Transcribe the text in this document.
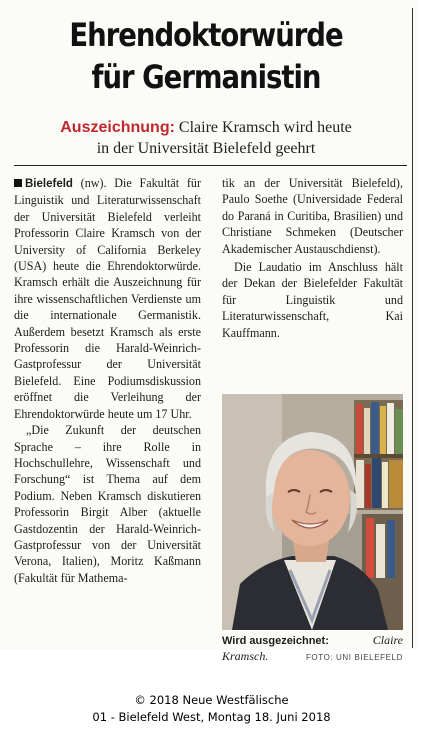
Ehrendoktorwürde
für Germanistin
Auszeichnung: Claire Kramsch wird heute
in der Universität Bielefeld geehrt

Bielefeld (nw). Die Fakultät für Linguistik und Literaturwissenschaft der Universität Bielefeld verleiht Professorin Claire Kramsch von der University of California Berkeley (USA) heute die Ehrendoktorwürde. Kramsch erhält die Auszeichnung für ihre wissenschaftlichen Verdienste um die internationale Germanistik. Außerdem besetzt Kramsch als erste Professorin die Harald-Weinrich-Gastprofessur der Universität Bielefeld. Eine Podiumsdiskussion eröffnet die Verleihung der Ehrendoktorwürde heute um 17 Uhr.

„Die Zukunft der deutschen Sprache – ihre Rolle in Hochschullehre, Wissenschaft und Forschung“ ist Thema auf dem Podium. Neben Kramsch diskutieren Professorin Birgit Alber (aktuelle Gastdozentin der Harald-Weinrich-Gastprofessur von der Universität Verona, Italien), Moritz Kaßmann (Fakultät für Mathema-

tik an der Universität Bielefeld), Paulo Soethe (Universidade Federal do Paraná in Curitiba, Brasilien) und Christiane Schmeken (Deutscher Akademischer Austauschdienst).

Die Laudatio im Anschluss hält der Dekan der Bielefelder Fakultät für Linguistik und Literaturwissenschaft, Kai Kauffmann.

Wird ausgezeichnet:	Claire
Kramsch.	FOTO: UNI BIELEFELD
© 2018 Neue Westfälische
01 - Bielefeld West, Montag 18. Juni 2018
